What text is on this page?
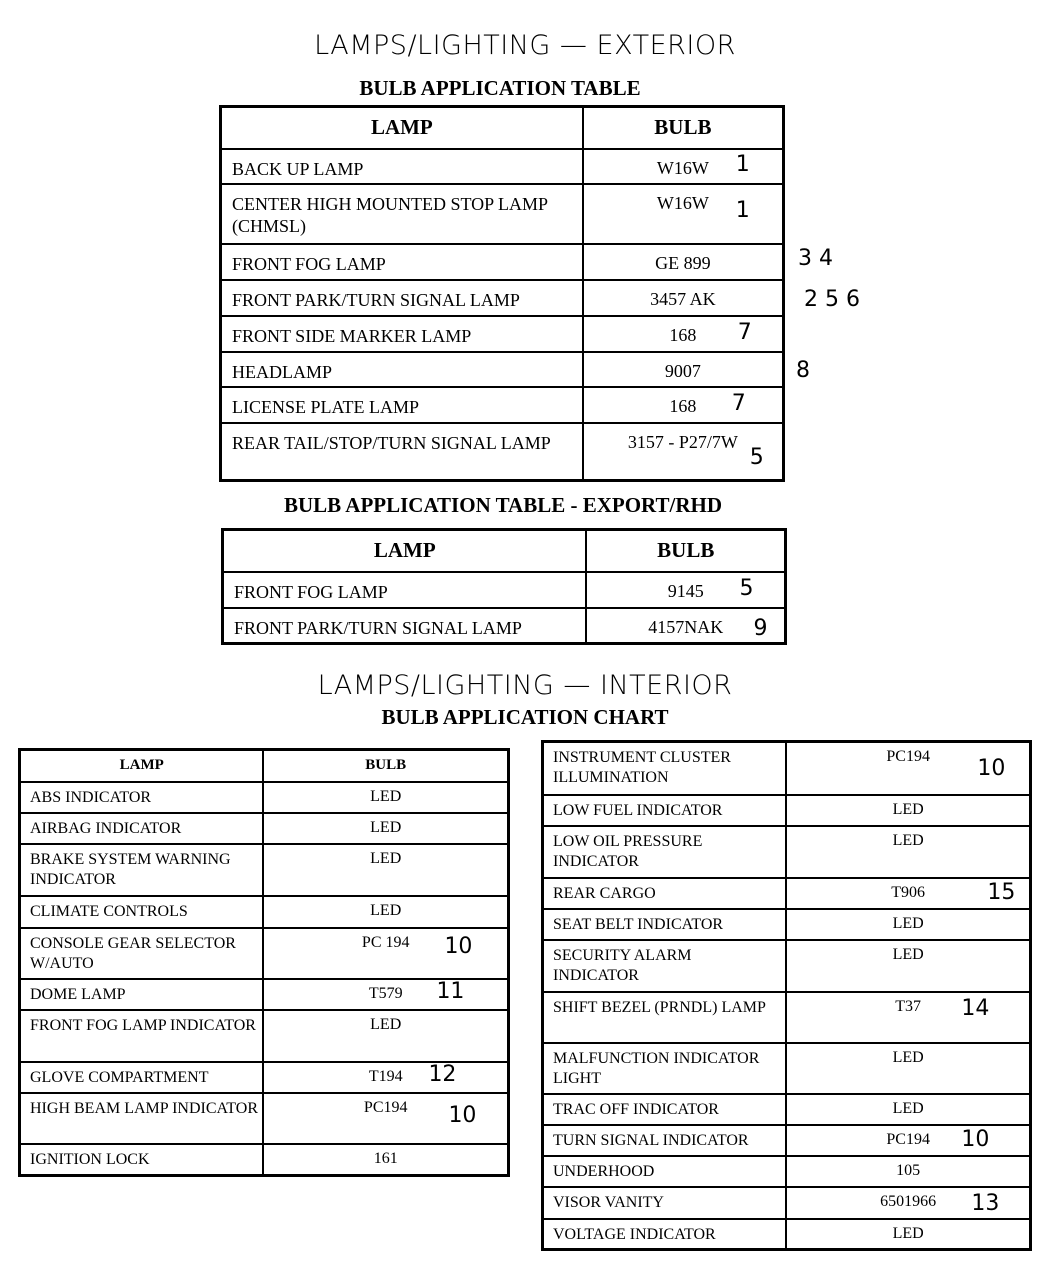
LAMPS/LIGHTING — EXTERIOR
BULB APPLICATION TABLE
LAMP	BULB
BACK UP LAMP	W16W 1

CENTER HIGH MOUNTED STOP LAMP (CHMSL)	W16W 1

FRONT FOG LAMP	GE 899
FRONT PARK/TURN SIGNAL LAMP	3457 AK
FRONT SIDE MARKER LAMP	168 7

HEADLAMP	9007
LICENSE PLATE LAMP	168 7

REAR TAIL/STOP/TURN SIGNAL LAMP	3157 - P27/7W
5
3 4
2 5 6
8
BULB APPLICATION TABLE - EXPORT/RHD
LAMP	BULB
FRONT FOG LAMP	9145 5

FRONT PARK/TURN SIGNAL LAMP	4157NAK 9
LAMPS/LIGHTING — INTERIOR
BULB APPLICATION CHART
LAMP	BULB
ABS INDICATOR	LED
AIRBAG INDICATOR	LED
BRAKE SYSTEM WARNING INDICATOR	LED
CLIMATE CONTROLS	LED
CONSOLE GEAR SELECTOR W/AUTO	PC 194 10

DOME LAMP	T579 11

FRONT FOG LAMP INDICATOR	LED
GLOVE COMPARTMENT	T194 12

HIGH BEAM LAMP INDICATOR	PC194 10

IGNITION LOCK	161
INSTRUMENT CLUSTER ILLUMINATION	PC194 10

LOW FUEL INDICATOR	LED
LOW OIL PRESSURE INDICATOR	LED
REAR CARGO	T906 15

SEAT BELT INDICATOR	LED
SECURITY ALARM INDICATOR	LED
SHIFT BEZEL (PRNDL) LAMP	T37 14

MALFUNCTION INDICATOR LIGHT	LED
TRAC OFF INDICATOR	LED
TURN SIGNAL INDICATOR	PC194 10

UNDERHOOD	105
VISOR VANITY	6501966 13

VOLTAGE INDICATOR	LED
